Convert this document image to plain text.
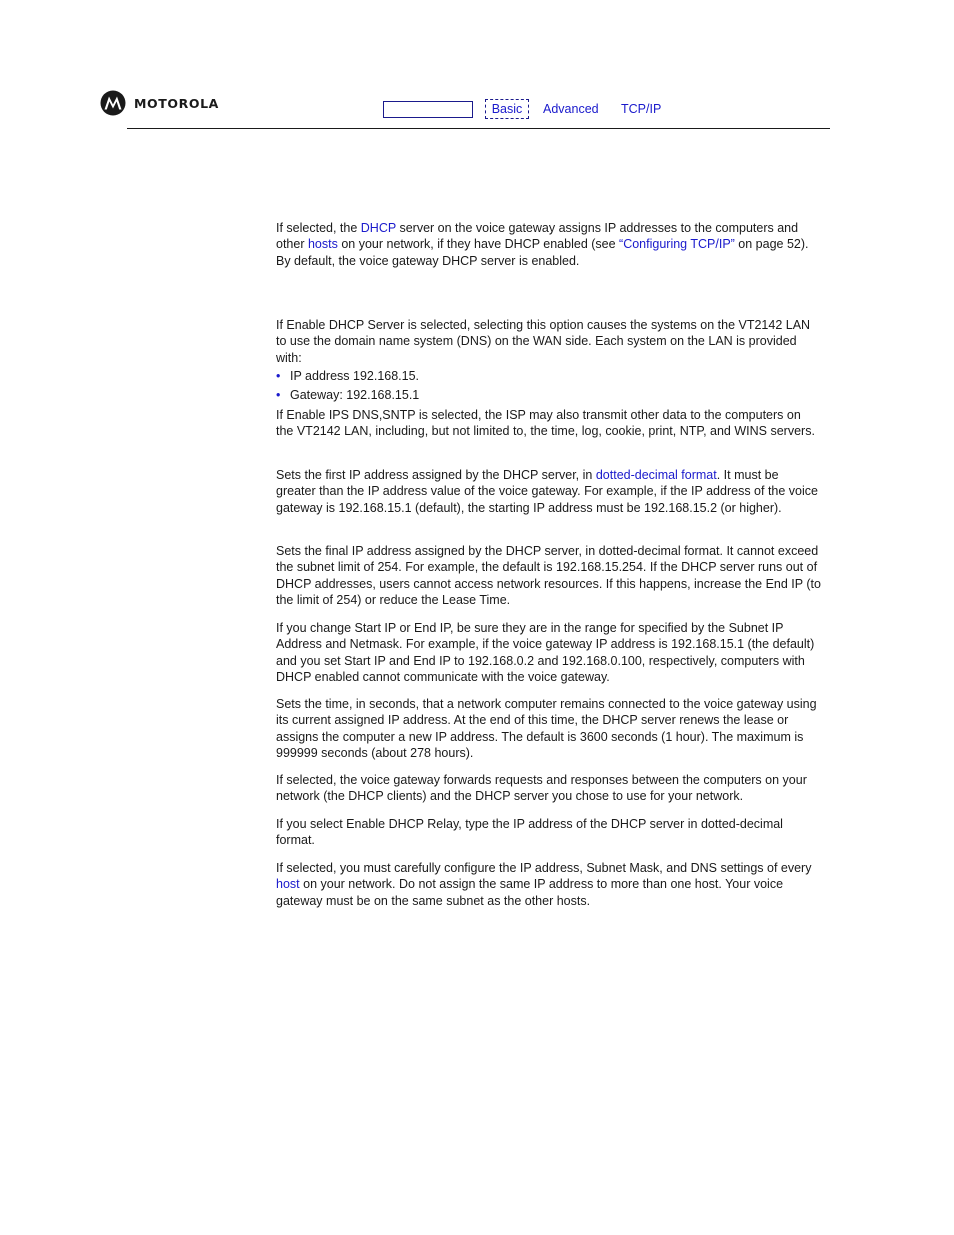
MOTOROLA	Basic	Advanced TCP/IP

If selected, the DHCP server on the voice gateway assigns IP addresses to the computers and other hosts on your network, if they have DHCP enabled (see “Configuring TCP/IP” on page 52). By default, the voice gateway DHCP server is enabled.

If Enable DHCP Server is selected, selecting this option causes the systems on the VT2142 LAN to use the domain name system (DNS) on the WAN side. Each system on the LAN is provided with:

• IP address 192.168.15.
• Gateway: 192.168.15.1

If Enable IPS DNS,SNTP is selected, the ISP may also transmit other data to the computers on the VT2142 LAN, including, but not limited to, the time, log, cookie, print, NTP, and WINS servers.

Sets the first IP address assigned by the DHCP server, in dotted-decimal format. It must be greater than the IP address value of the voice gateway. For example, if the IP address of the voice gateway is 192.168.15.1 (default), the starting IP address must be 192.168.15.2 (or higher).

Sets the final IP address assigned by the DHCP server, in dotted-decimal format. It cannot exceed the subnet limit of 254. For example, the default is 192.168.15.254. If the DHCP server runs out of DHCP addresses, users cannot access network resources. If this happens, increase the End IP (to the limit of 254) or reduce the Lease Time.

If you change Start IP or End IP, be sure they are in the range for specified by the Subnet IP Address and Netmask. For example, if the voice gateway IP address is 192.168.15.1 (the default) and you set Start IP and End IP to 192.168.0.2 and 192.168.0.100, respectively, computers with DHCP enabled cannot communicate with the voice gateway.

Sets the time, in seconds, that a network computer remains connected to the voice gateway using its current assigned IP address. At the end of this time, the DHCP server renews the lease or assigns the computer a new IP address. The default is 3600 seconds (1 hour). The maximum is 999999 seconds (about 278 hours).

If selected, the voice gateway forwards requests and responses between the computers on your network (the DHCP clients) and the DHCP server you chose to use for your network.

If you select Enable DHCP Relay, type the IP address of the DHCP server in dotted-decimal format.

If selected, you must carefully configure the IP address, Subnet Mask, and DNS settings of every host on your network. Do not assign the same IP address to more than one host. Your voice gateway must be on the same subnet as the other hosts.
